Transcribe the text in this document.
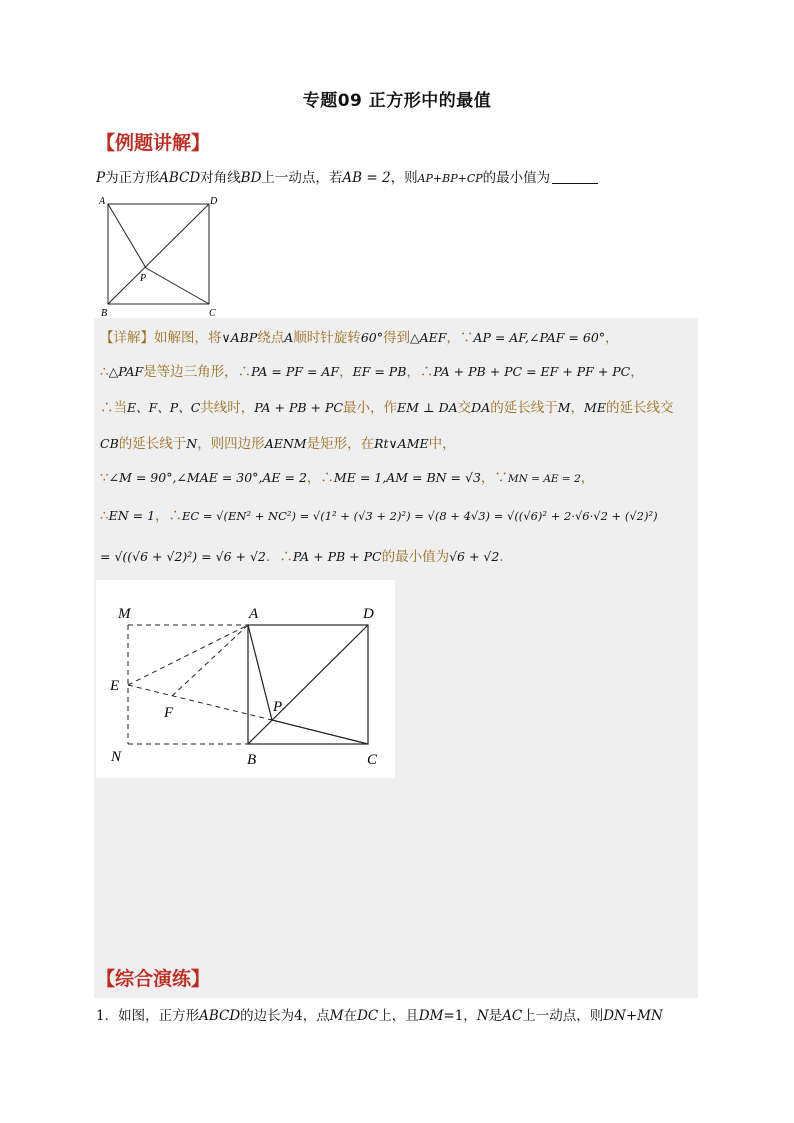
专题09 正方形中的最值
【例题讲解】
P为正方形ABCD对角线BD上一动点，若AB = 2，则AP+BP+CP的最小值为
A	D
B	C
P
【详解】如解图，将∨ABP绕点A顺时针旋转60°得到△AEF，∵AP = AF,∠PAF = 60°，
∴△PAF是等边三角形，∴PA = PF = AF，EF = PB，∴PA + PB + PC = EF + PF + PC，
∴当E、F、P、C共线时，PA + PB + PC最小，作EM ⊥ DA交DA的延长线于M，ME的延长线交
CB的延长线于N，则四边形AENM是矩形，在Rt∨AME中，
∵∠M = 90°,∠MAE = 30°,AE = 2，∴ME = 1,AM = BN = √3，∵MN = AE = 2，
∴EN = 1，∴EC = √(EN² + NC²) = √(1² + (√3 + 2)²) = √(8 + 4√3) = √((√6)² + 2·√6·√2 + (√2)²)
= √((√6 + √2)²) = √6 + √2．∴PA + PB + PC的最小值为√6 + √2．
M	A	D
E
F	P
N	B	C
【综合演练】
1．如图，正方形ABCD的边长为4，点M在DC上，且DM=1，N是AC上一动点，则DN+MN
